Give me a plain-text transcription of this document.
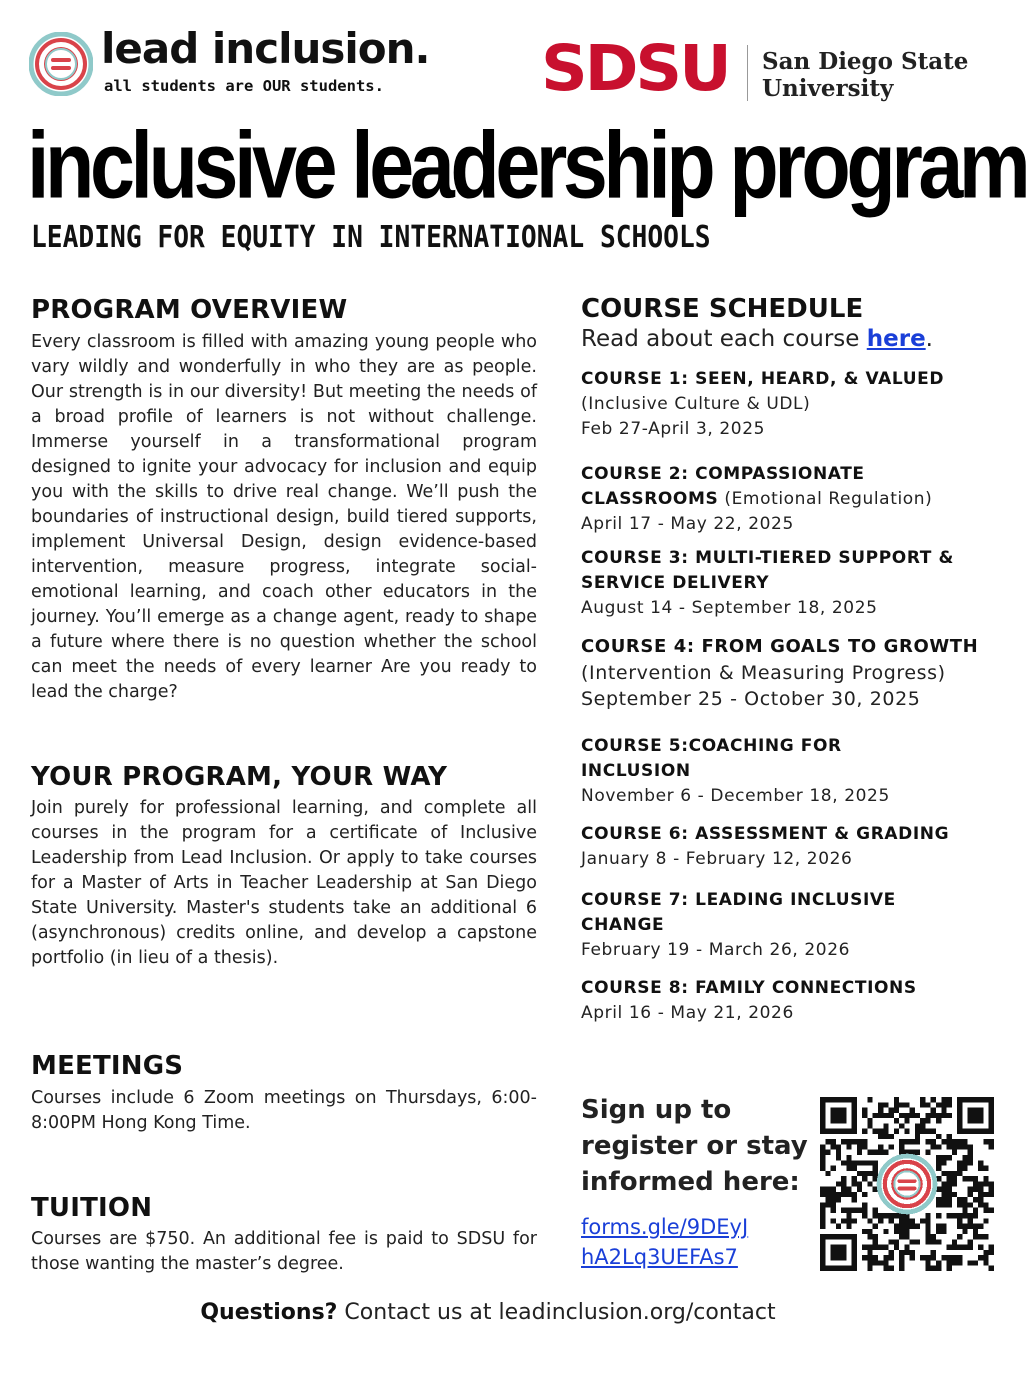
lead inclusion.
all students are OUR students. SDSU San Diego State
University
inclusive leadership program
LEADING FOR EQUITY IN INTERNATIONAL SCHOOLS
PROGRAM OVERVIEW

Every classroom is filled with amazing young people who vary wildly and wonderfully in who they are as people. Our strength is in our diversity! But meeting the needs of a broad profile of learners is not without challenge. Immerse yourself in a transformational program designed to ignite your advocacy for inclusion and equip you with the skills to drive real change. We’ll push the boundaries of instructional design, build tiered supports, implement Universal Design, design evidence-based intervention, measure progress, integrate social-emotional learning, and coach other educators in the journey. You’ll emerge as a change agent, ready to shape a future where there is no question whether the school can meet the needs of every learner Are you ready to lead the charge?

YOUR PROGRAM, YOUR WAY

Join purely for professional learning, and complete all courses in the program for a certificate of Inclusive Leadership from Lead Inclusion. Or apply to take courses for a Master of Arts in Teacher Leadership at San Diego State University. Master's students take an additional 6 (asynchronous) credits online, and develop a capstone portfolio (in lieu of a thesis).

MEETINGS

Courses include 6 Zoom meetings on Thursdays, 6:00-8:00PM Hong Kong Time.

TUITION

Courses are $750. An additional fee is paid to SDSU for those wanting the master’s degree.

COURSE SCHEDULE
Read about each course here.
COURSE 1: SEEN, HEARD, & VALUED
(Inclusive Culture & UDL)
Feb 27-April 3, 2025
COURSE 2: COMPASSIONATE CLASSROOMS (Emotional Regulation)
April 17 - May 22, 2025
COURSE 3: MULTI-TIERED SUPPORT & SERVICE DELIVERY
August 14 - September 18, 2025
COURSE 4: FROM GOALS TO GROWTH
(Intervention & Measuring Progress)
September 25 - October 30, 2025
COURSE 5:COACHING FOR INCLUSION
November 6 - December 18, 2025
COURSE 6: ASSESSMENT & GRADING
January 8 - February 12, 2026
COURSE 7: LEADING INCLUSIVE CHANGE
February 19 - March 26, 2026
COURSE 8: FAMILY CONNECTIONS
April 16 - May 21, 2026
Sign up to register or stay informed here:
forms.gle/9DEyJ
hA2Lq3UEFAs7
Questions? Contact us at leadinclusion.org/contact
